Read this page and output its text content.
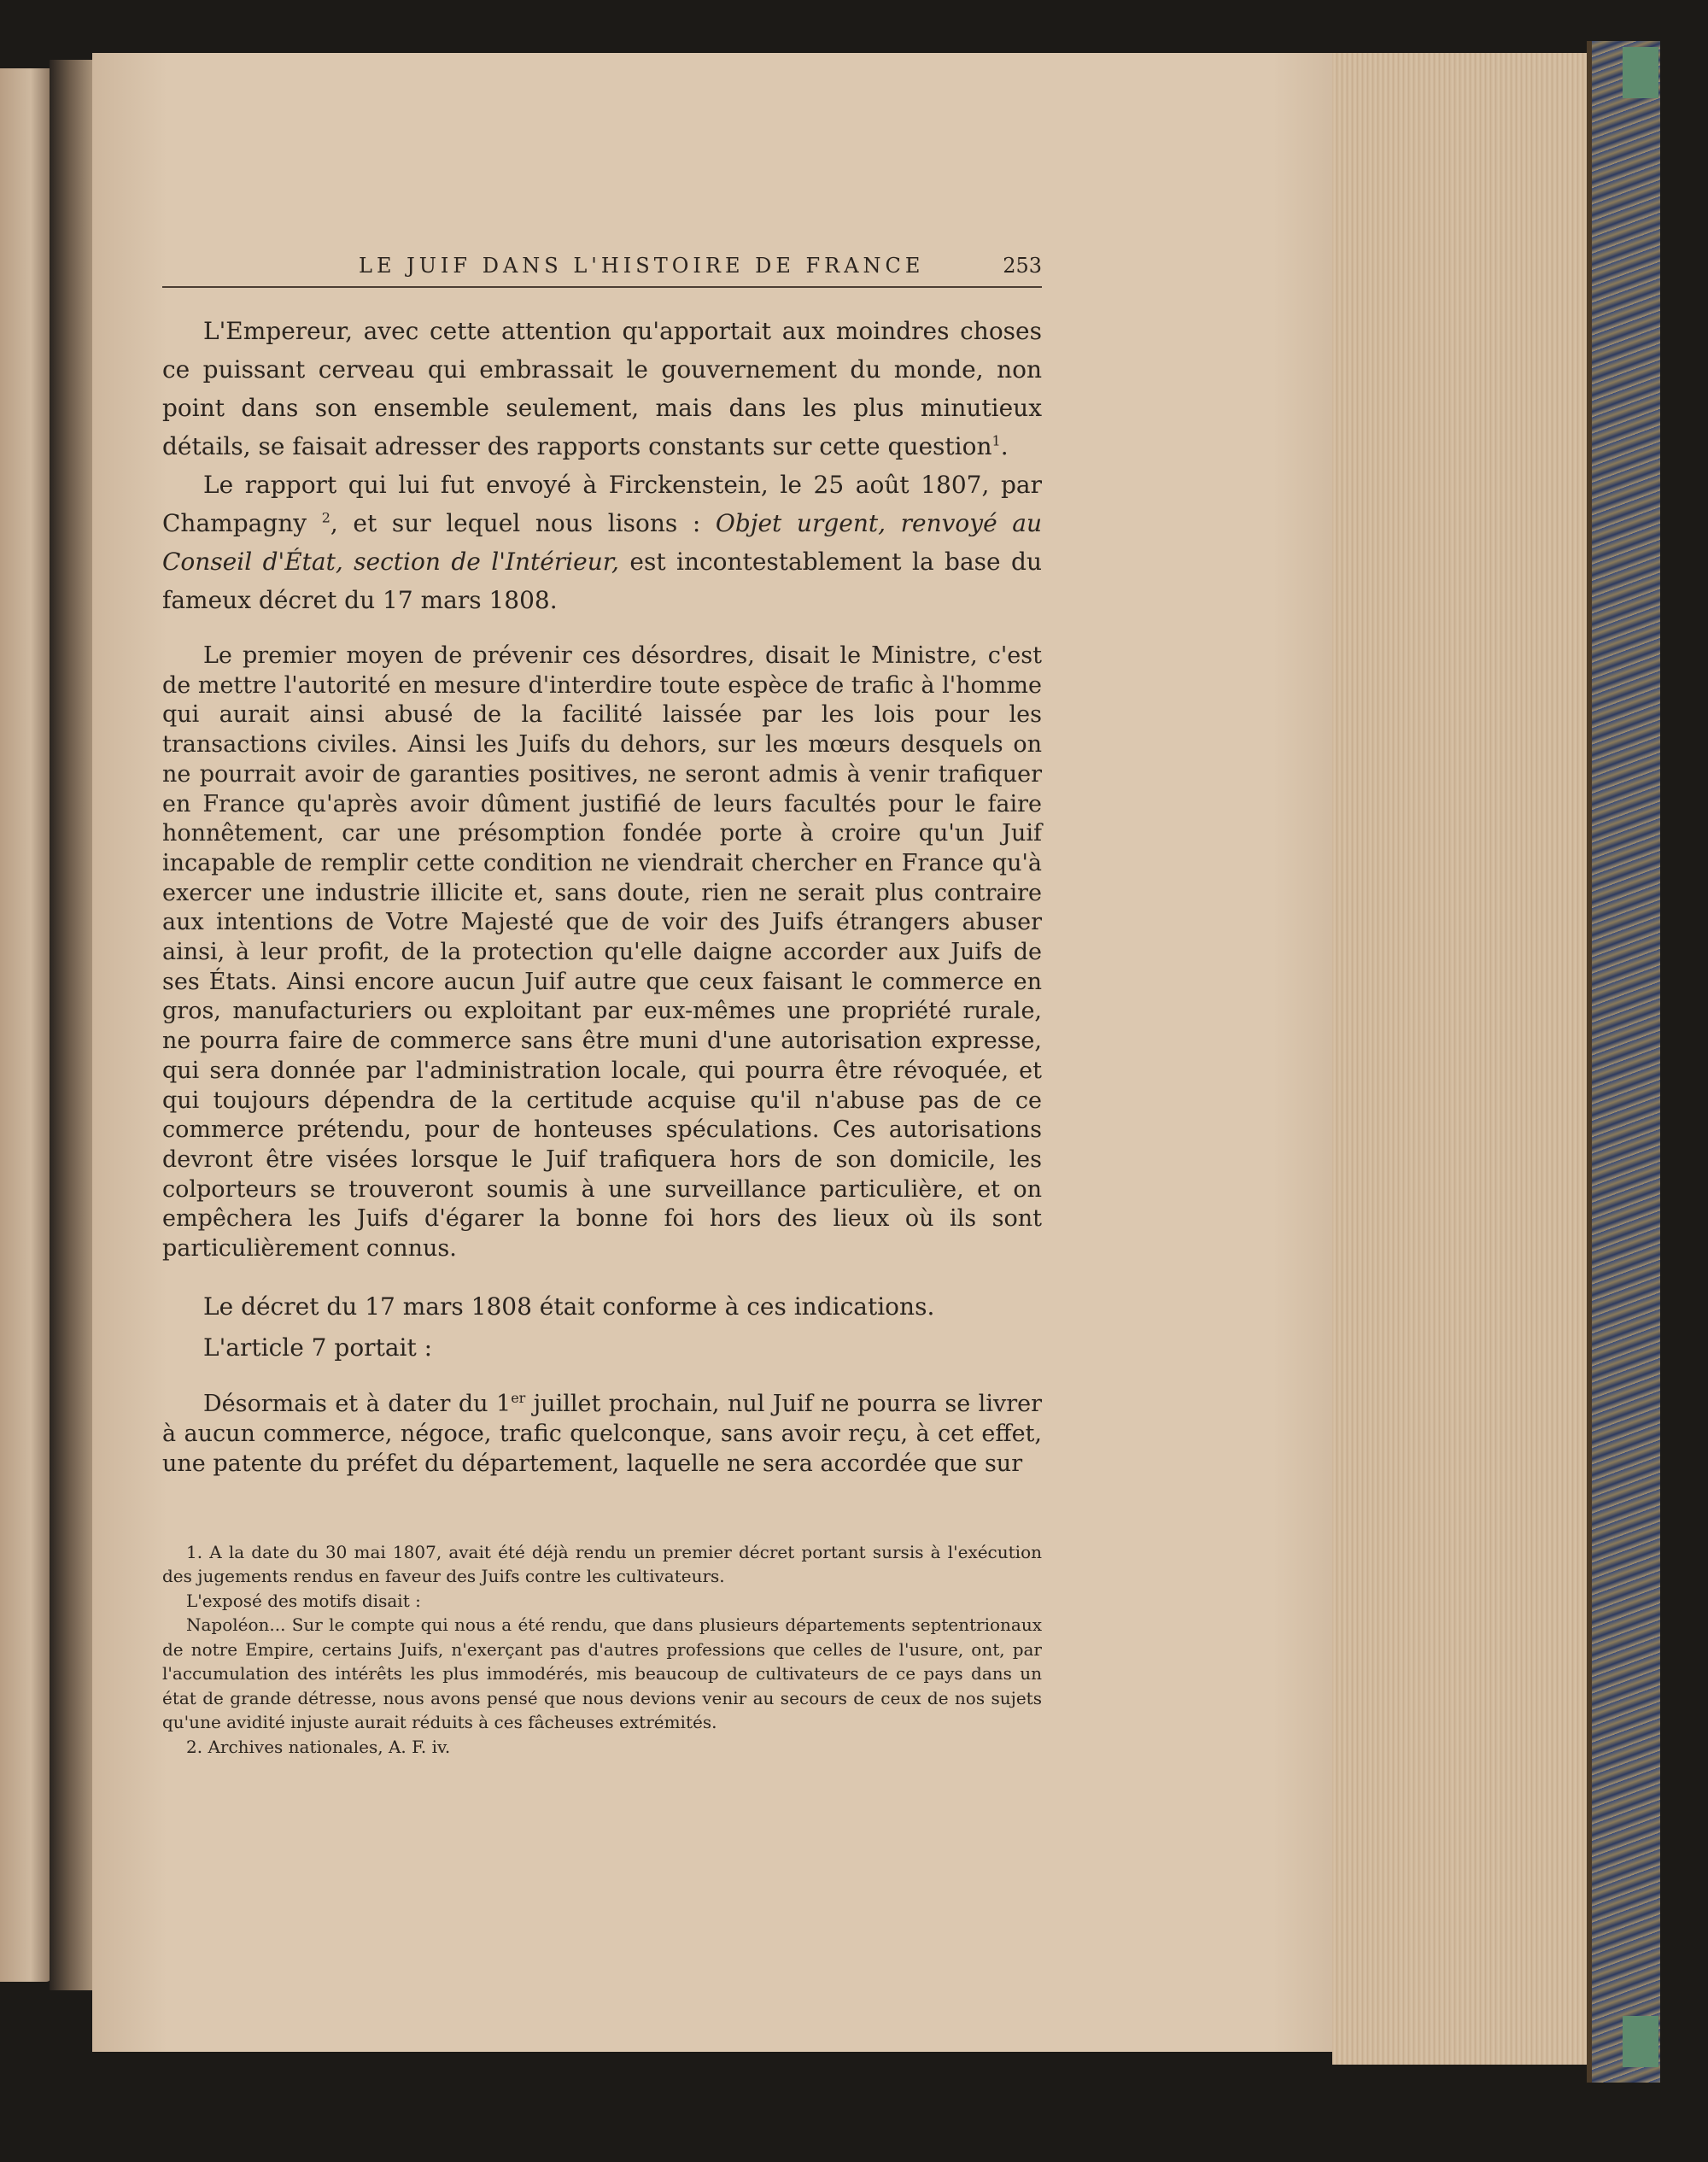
LE JUIF DANS L'HISTOIRE DE FRANCE	253

L'Empereur, avec cette attention qu'apportait aux moindres choses ce puissant cerveau qui embrassait le gouvernement du monde, non point dans son ensemble seulement, mais dans les plus minutieux détails, se faisait adresser des rapports constants sur cette question$^1$.

Le rapport qui lui fut envoyé à Firckenstein, le 25 août 1807, par Champagny $^2$, et sur lequel nous lisons : Objet urgent, renvoyé au Conseil d'État, section de l'Intérieur, est incontestablement la base du fameux décret du 17 mars 1808.

Le premier moyen de prévenir ces désordres, disait le Ministre, c'est de mettre l'autorité en mesure d'interdire toute espèce de trafic à l'homme qui aurait ainsi abusé de la facilité laissée par les lois pour les transactions civiles. Ainsi les Juifs du dehors, sur les mœurs desquels on ne pourrait avoir de garanties positives, ne seront admis à venir trafiquer en France qu'après avoir dûment justifié de leurs facultés pour le faire honnêtement, car une présomption fondée porte à croire qu'un Juif incapable de remplir cette condition ne viendrait chercher en France qu'à exercer une industrie illicite et, sans doute, rien ne serait plus contraire aux intentions de Votre Majesté que de voir des Juifs étrangers abuser ainsi, à leur profit, de la protection qu'elle daigne accorder aux Juifs de ses États. Ainsi encore aucun Juif autre que ceux faisant le commerce en gros, manufacturiers ou exploitant par eux-mêmes une propriété rurale, ne pourra faire de commerce sans être muni d'une autorisation expresse, qui sera donnée par l'administration locale, qui pourra être révoquée, et qui toujours dépendra de la certitude acquise qu'il n'abuse pas de ce commerce prétendu, pour de honteuses spéculations. Ces autorisations devront être visées lorsque le Juif trafiquera hors de son domicile, les colporteurs se trouveront soumis à une surveillance particulière, et on empêchera les Juifs d'égarer la bonne foi hors des lieux où ils sont particulièrement connus.

Le décret du 17 mars 1808 était conforme à ces indications.

L'article 7 portait :

Désormais et à dater du 1er juillet prochain, nul Juif ne pourra se livrer à aucun commerce, négoce, trafic quelconque, sans avoir reçu, à cet effet, une patente du préfet du département, laquelle ne sera accordée que sur

1. A la date du 30 mai 1807, avait été déjà rendu un premier décret portant sursis à l'exécution des jugements rendus en faveur des Juifs contre les cultivateurs.

L'exposé des motifs disait :

Napoléon... Sur le compte qui nous a été rendu, que dans plusieurs départements septentrionaux de notre Empire, certains Juifs, n'exerçant pas d'autres professions que celles de l'usure, ont, par l'accumulation des intérêts les plus immodérés, mis beaucoup de cultivateurs de ce pays dans un état de grande détresse, nous avons pensé que nous devions venir au secours de ceux de nos sujets qu'une avidité injuste aurait réduits à ces fâcheuses extrémités.

2. Archives nationales, A. F. iv.
